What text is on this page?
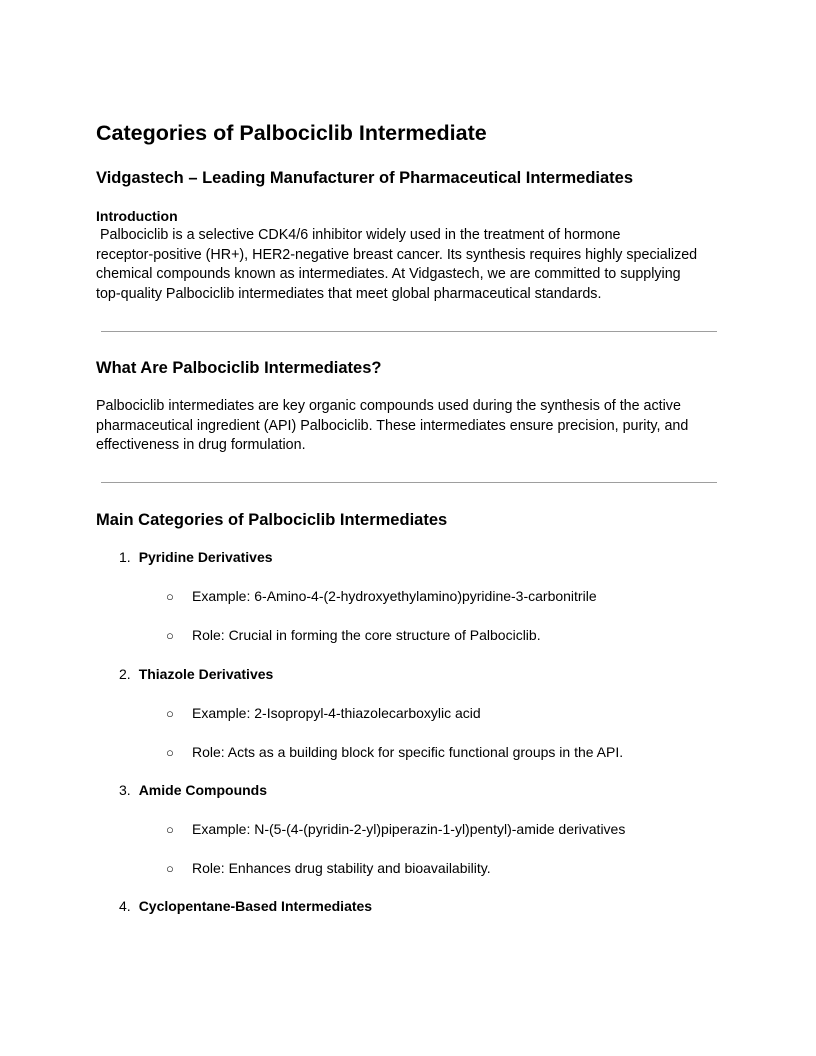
Categories of Palbociclib Intermediate
Vidgastech – Leading Manufacturer of Pharmaceutical Intermediates
Introduction
Palbociclib is a selective CDK4/6 inhibitor widely used in the treatment of hormone
receptor-positive (HR+), HER2-negative breast cancer. Its synthesis requires highly specialized
chemical compounds known as intermediates. At Vidgastech, we are committed to supplying
top-quality Palbociclib intermediates that meet global pharmaceutical standards.
What Are Palbociclib Intermediates?
Palbociclib intermediates are key organic compounds used during the synthesis of the active
pharmaceutical ingredient (API) Palbociclib. These intermediates ensure precision, purity, and
effectiveness in drug formulation.
Main Categories of Palbociclib Intermediates
1. Pyridine Derivatives
○ Example: 6-Amino-4-(2-hydroxyethylamino)pyridine-3-carbonitrile
○ Role: Crucial in forming the core structure of Palbociclib.
2. Thiazole Derivatives
○ Example: 2-Isopropyl-4-thiazolecarboxylic acid
○ Role: Acts as a building block for specific functional groups in the API.
3. Amide Compounds
○ Example: N-(5-(4-(pyridin-2-yl)piperazin-1-yl)pentyl)-amide derivatives
○ Role: Enhances drug stability and bioavailability.
4. Cyclopentane-Based Intermediates
